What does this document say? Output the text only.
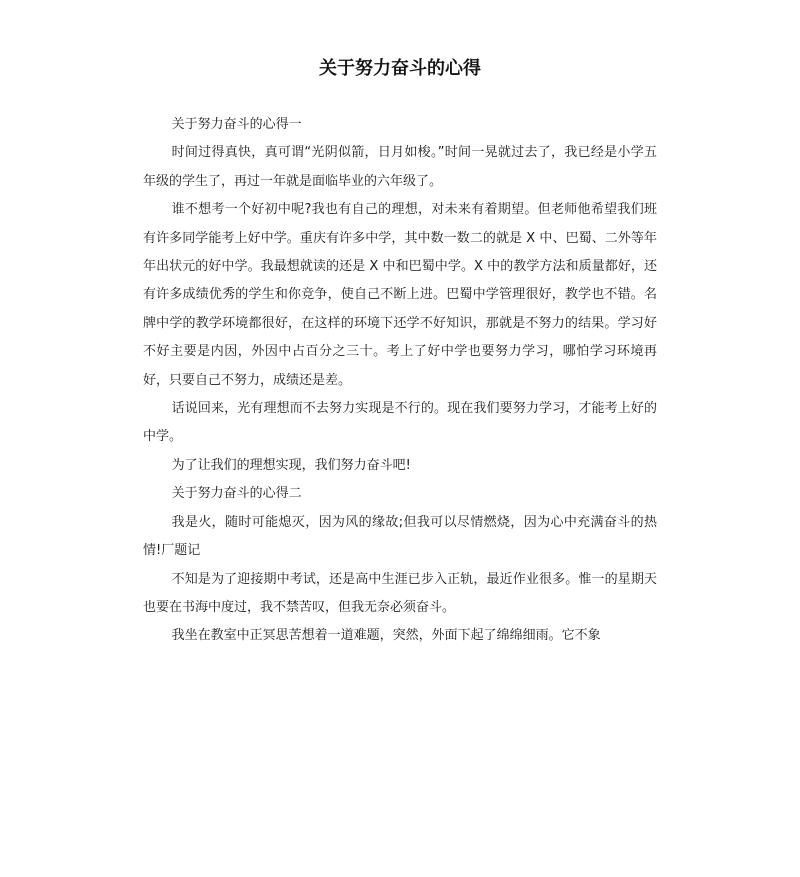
关于努力奋斗的心得

关于努力奋斗的心得一

时间过得真快，真可谓“光阴似箭，日月如梭。”时间一晃就过去了，我已经是小学五年级的学生了，再过一年就是面临毕业的六年级了。

谁不想考一个好初中呢?我也有自己的理想，对未来有着期望。但老师他希望我们班有许多同学能考上好中学。重庆有许多中学，其中数一数二的就是 X 中、巴蜀、二外等年年出状元的好中学。我最想就读的还是 X 中和巴蜀中学。X 中的教学方法和质量都好，还有许多成绩优秀的学生和你竞争，使自己不断上进。巴蜀中学管理很好，教学也不错。名牌中学的教学环境都很好，在这样的环境下还学不好知识，那就是不努力的结果。学习好不好主要是内因，外因中占百分之三十。考上了好中学也要努力学习，哪怕学习环境再好，只要自己不努力，成绩还是差。

话说回来，光有理想而不去努力实现是不行的。现在我们要努力学习，才能考上好的中学。

为了让我们的理想实现，我们努力奋斗吧!

关于努力奋斗的心得二

我是火，随时可能熄灭，因为风的缘故;但我可以尽情燃烧，因为心中充满奋斗的热情!厂题记

不知是为了迎接期中考试，还是高中生涯已步入正轨，最近作业很多。惟一的星期天也要在书海中度过，我不禁苦叹，但我无奈必须奋斗。

我坐在教室中正冥思苦想着一道难题，突然，外面下起了绵绵细雨。它不象
